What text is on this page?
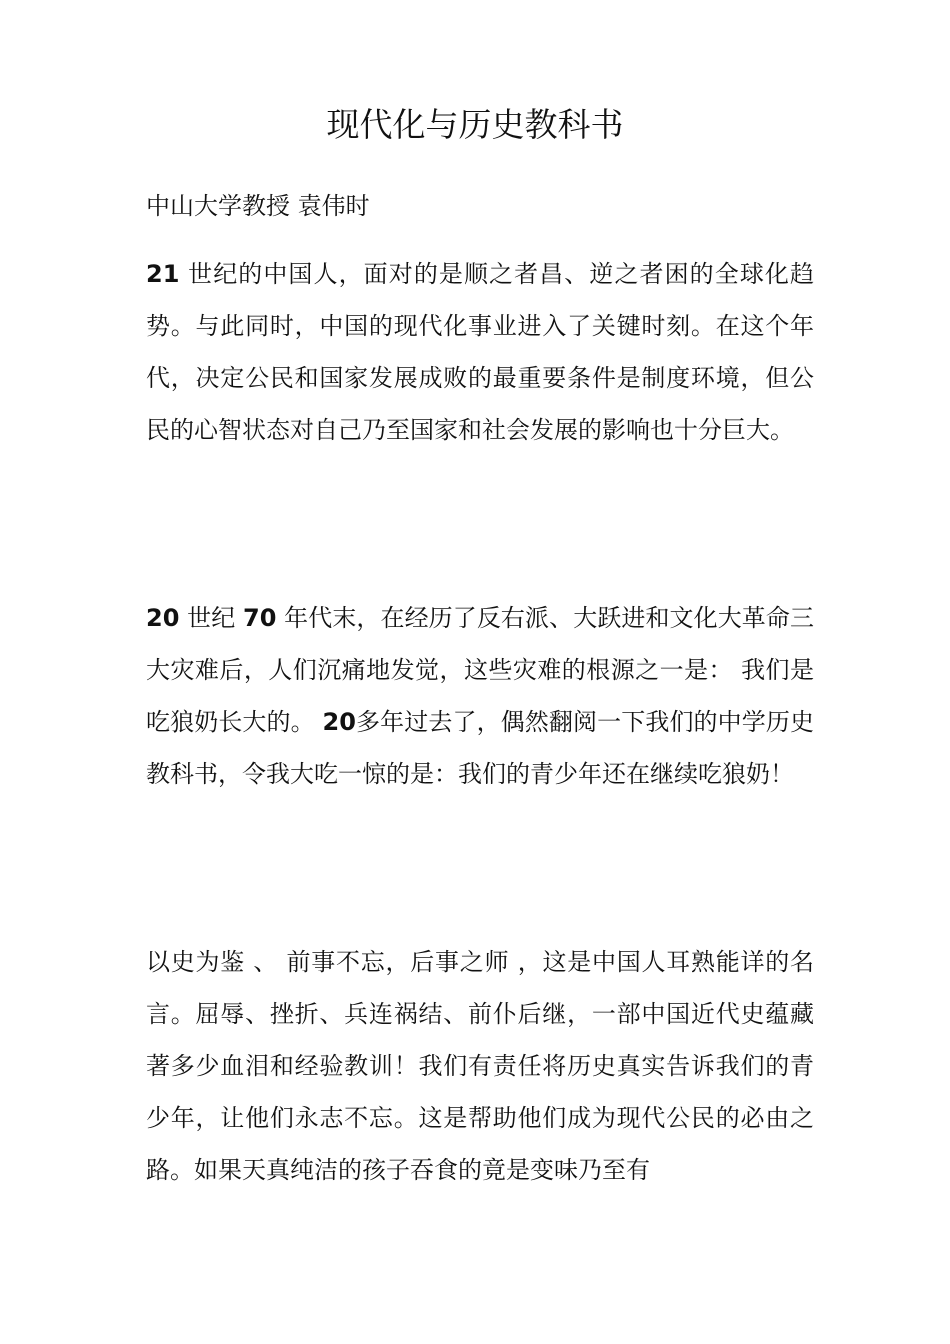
现代化与历史教科书

中山大学教授 袁伟时

21 世纪的中国人，面对的是顺之者昌、逆之者困的全球化趋势。与此同时，中国的现代化事业进入了关键时刻。在这个年代，决定公民和国家发展成败的最重要条件是制度环境，但公民的心智状态对自己乃至国家和社会发展的影响也十分巨大。

20 世纪 70 年代末，在经历了反右派、大跃进和文化大革命三大灾难后，人们沉痛地发觉，这些灾难的根源之一是： 我们是吃狼奶长大的。 20多年过去了，偶然翻阅一下我们的中学历史教科书，令我大吃一惊的是：我们的青少年还在继续吃狼奶！

以史为鉴 、 前事不忘，后事之师 ，这是中国人耳熟能详的名言。屈辱、挫折、兵连祸结、前仆后继，一部中国近代史蕴藏著多少血泪和经验教训！我们有责任将历史真实告诉我们的青少年，让他们永志不忘。这是帮助他们成为现代公民的必由之路。如果天真纯洁的孩子吞食的竟是变味乃至有
